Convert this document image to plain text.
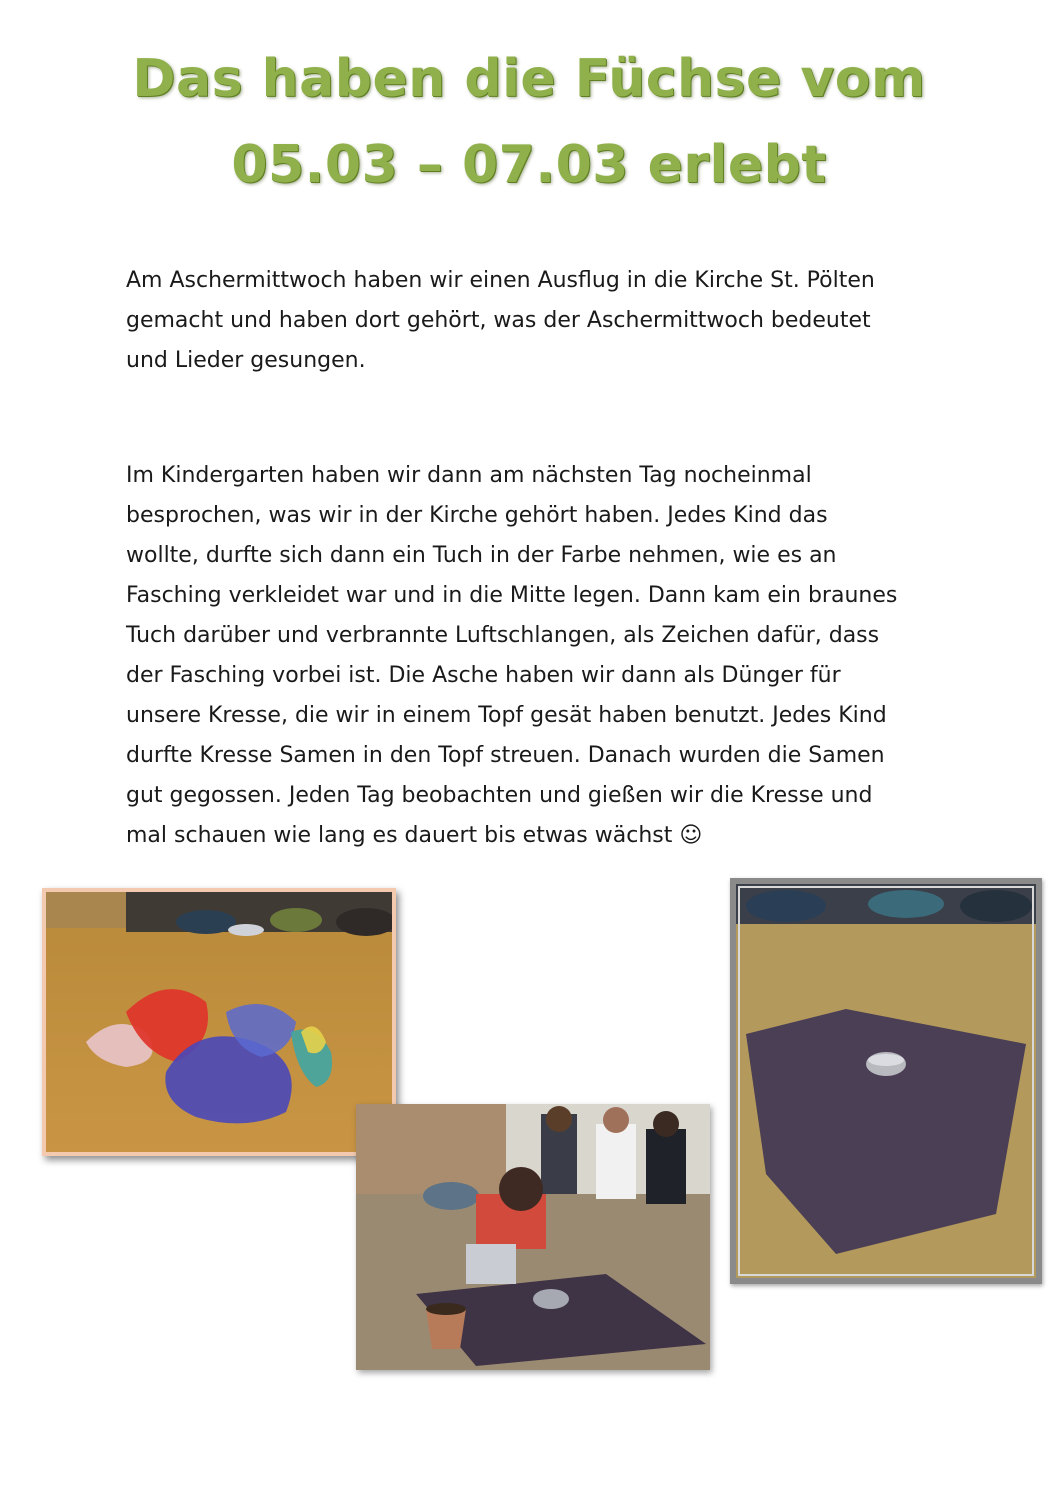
Das haben die Füchse vom
05.03 – 07.03 erlebt

Am Aschermittwoch haben wir einen Ausflug in die Kirche St. Pölten
gemacht und haben dort gehört, was der Aschermittwoch bedeutet
und Lieder gesungen.

Im Kindergarten haben wir dann am nächsten Tag nocheinmal
besprochen, was wir in der Kirche gehört haben. Jedes Kind das
wollte, durfte sich dann ein Tuch in der Farbe nehmen, wie es an
Fasching verkleidet war und in die Mitte legen. Dann kam ein braunes
Tuch darüber und verbrannte Luftschlangen, als Zeichen dafür, dass
der Fasching vorbei ist. Die Asche haben wir dann als Dünger für
unsere Kresse, die wir in einem Topf gesät haben benutzt. Jedes Kind
durfte Kresse Samen in den Topf streuen. Danach wurden die Samen
gut gegossen. Jeden Tag beobachten und gießen wir die Kresse und
mal schauen wie lang es dauert bis etwas wächst ☺
